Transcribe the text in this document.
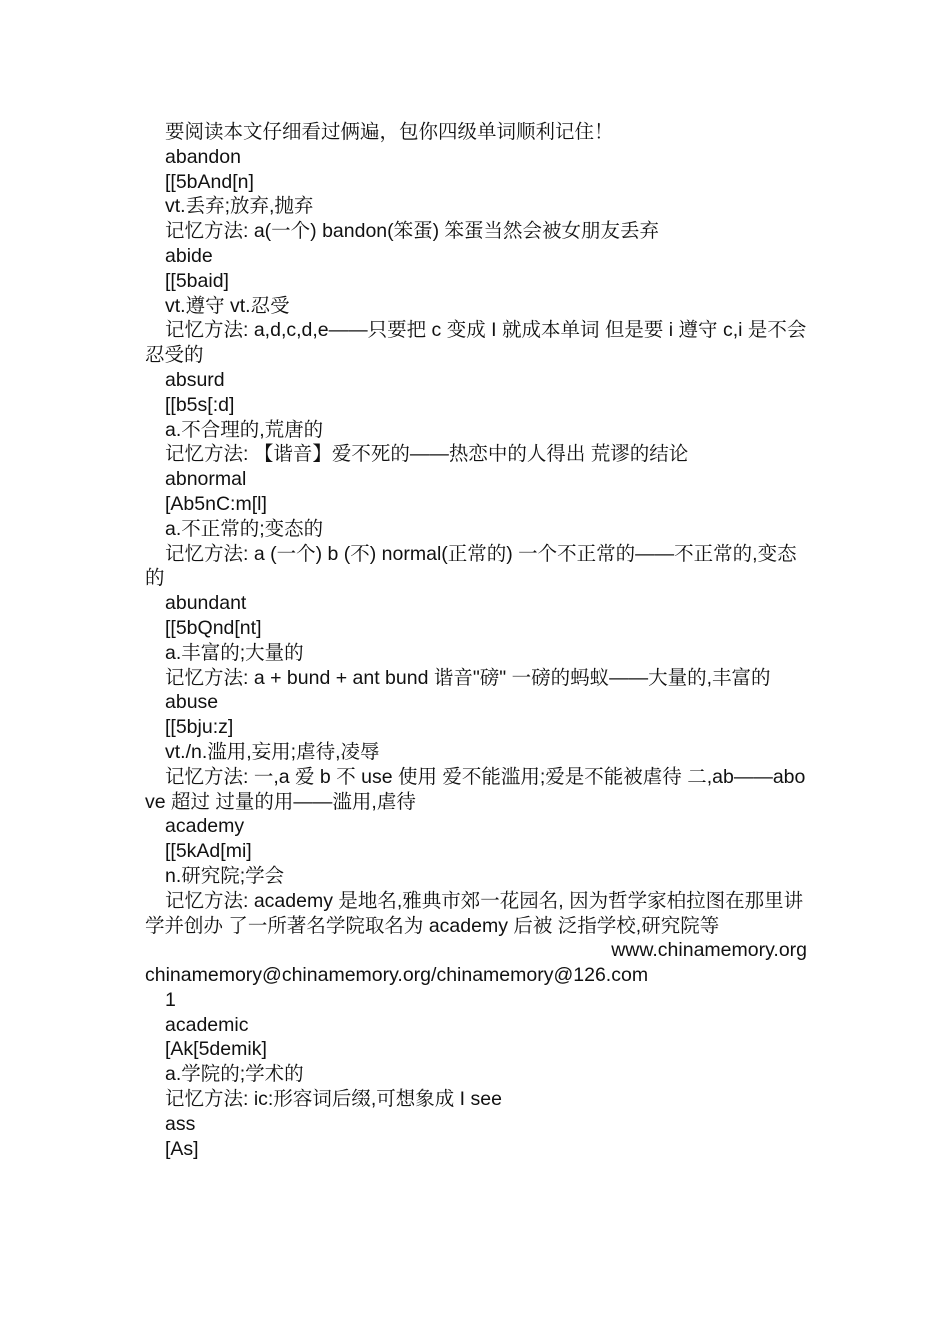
要阅读本文仔细看过俩遍，包你四级单词顺利记住！
abandon
[[5bAnd[n]
vt.丢弃;放弃,抛弃
记忆方法: a(一个) bandon(笨蛋) 笨蛋当然会被女朋友丢弃
abide
[[5baid]
vt.遵守 vt.忍受
记忆方法: a,d,c,d,e——只要把 c 变成 I 就成本单词 但是要 i 遵守 c,i 是不会忍受的
absurd
[[b5s[:d]
a.不合理的,荒唐的
记忆方法: 【谐音】爱不死的——热恋中的人得出 荒谬的结论
abnormal
[Ab5nC:m[l]
a.不正常的;变态的
记忆方法: a (一个) b (不) normal(正常的) 一个不正常的——不正常的,变态的
abundant
[[5bQnd[nt]
a.丰富的;大量的
记忆方法: a + bund + ant bund 谐音"磅" 一磅的蚂蚁——大量的,丰富的
abuse
[[5bju:z]
vt./n.滥用,妄用;虐待,凌辱
记忆方法: 一,a 爱 b 不 use 使用 爱不能滥用;爱是不能被虐待 二,ab——above 超过 过量的用——滥用,虐待
academy
[[5kAd[mi]
n.研究院;学会
记忆方法: academy 是地名,雅典市郊一花园名, 因为哲学家柏拉图在那里讲学并创办 了一所著名学院取名为 academy 后被 泛指学校,研究院等
www.chinamemory.org
chinamemory@chinamemory.org/chinamemory@126.com
1
academic
[Ak[5demik]
a.学院的;学术的
记忆方法: ic:形容词后缀,可想象成 I see
ass
[As]
